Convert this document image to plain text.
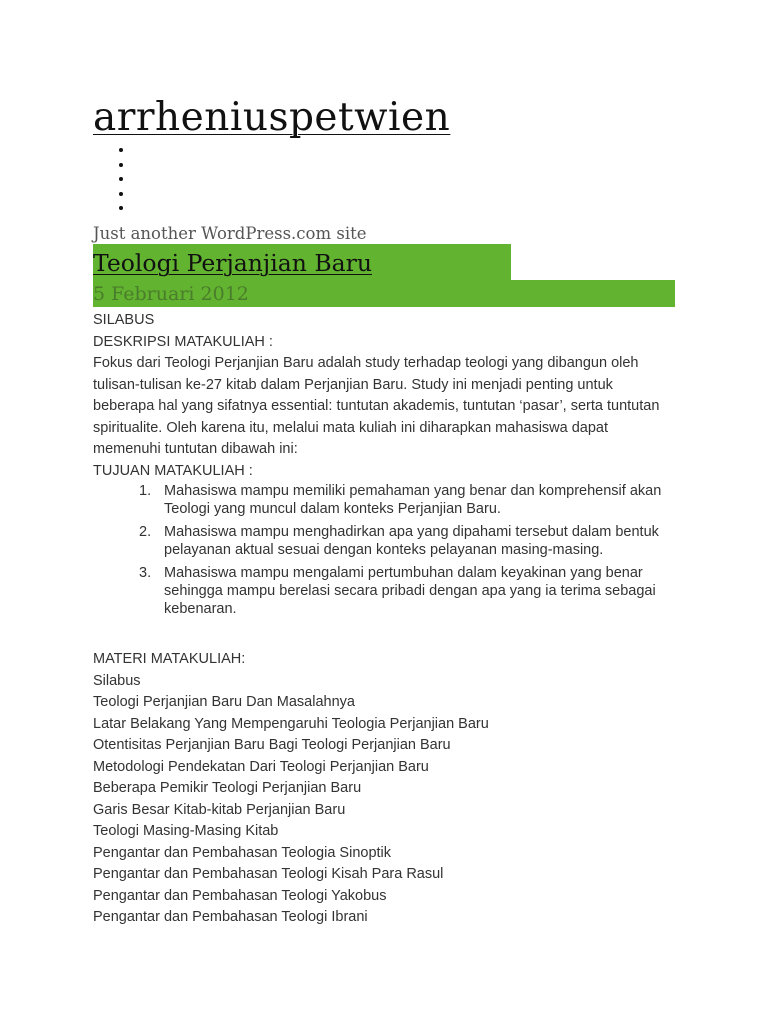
arrheniuspetwien

Just another WordPress.com site

Teologi Perjanjian Baru
5 Februari 2012

SILABUS

DESKRIPSI MATAKULIAH :

Fokus dari Teologi Perjanjian Baru adalah study terhadap teologi yang dibangun oleh tulisan-tulisan ke-27 kitab dalam Perjanjian Baru. Study ini menjadi penting untuk beberapa hal yang sifatnya essential: tuntutan akademis, tuntutan ‘pasar’, serta tuntutan spiritualite. Oleh karena itu, melalui mata kuliah ini diharapkan mahasiswa dapat memenuhi tuntutan dibawah ini:

TUJUAN MATAKULIAH :

1. Mahasiswa mampu memiliki pemahaman yang benar dan komprehensif akan Teologi yang muncul dalam konteks Perjanjian Baru.
2. Mahasiswa mampu menghadirkan apa yang dipahami tersebut dalam bentuk pelayanan aktual sesuai dengan konteks pelayanan masing-masing.
3. Mahasiswa mampu mengalami pertumbuhan dalam keyakinan yang benar sehingga mampu berelasi secara pribadi dengan apa yang ia terima sebagai kebenaran.

MATERI MATAKULIAH:

Silabus

Teologi Perjanjian Baru Dan Masalahnya

Latar Belakang Yang Mempengaruhi Teologia Perjanjian Baru

Otentisitas Perjanjian Baru Bagi Teologi Perjanjian Baru

Metodologi Pendekatan Dari Teologi Perjanjian Baru

Beberapa Pemikir Teologi Perjanjian Baru

Garis Besar Kitab-kitab Perjanjian Baru

Teologi Masing-Masing Kitab

Pengantar dan Pembahasan Teologia Sinoptik

Pengantar dan Pembahasan Teologi Kisah Para Rasul

Pengantar dan Pembahasan Teologi Yakobus

Pengantar dan Pembahasan Teologi Ibrani
